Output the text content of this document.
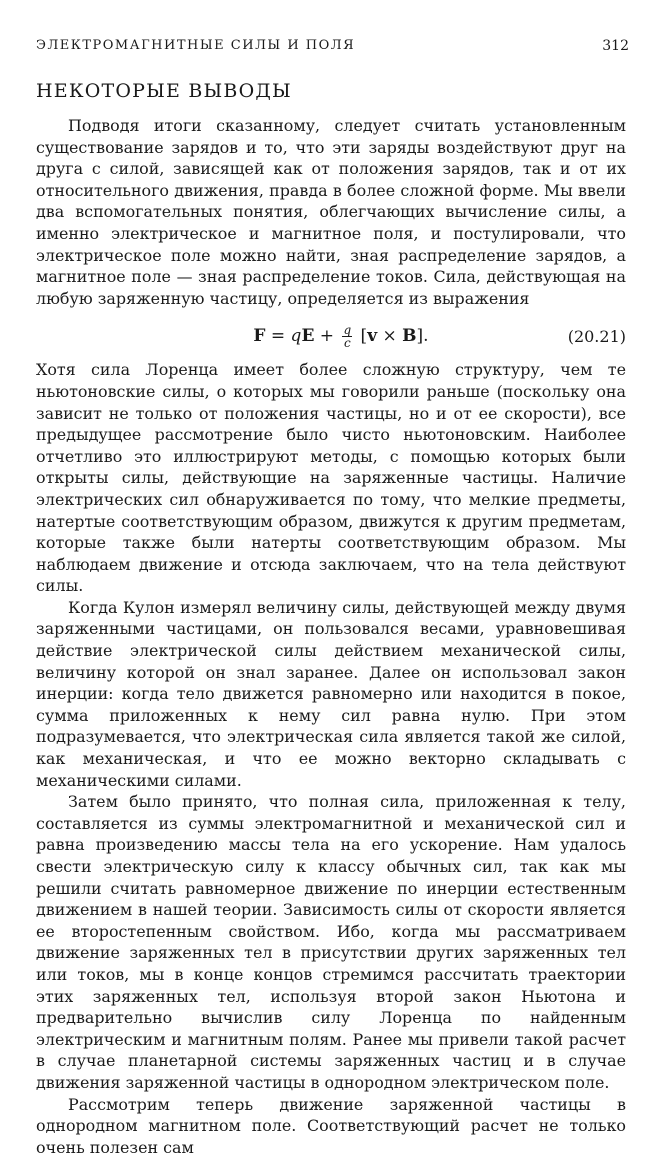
ЭЛЕКТРОМАГНИТНЫЕ СИЛЫ И ПОЛЯ	312
НЕКОТОРЫЕ ВЫВОДЫ

Подводя итоги сказанному, следует считать установленным существование зарядов и то, что эти заряды воздействуют друг на друга с силой, зависящей как от положения зарядов, так и от их относительного движения, правда в более сложной форме. Мы ввели два вспомогательных понятия, облегчающих вычисление силы, а именно электрическое и магнитное поля, и постулировали, что электрическое поле можно найти, зная распределение зарядов, а магнитное поле — зная распределение токов. Сила, действующая на любую заряженную частицу, определяется из выражения

F = qE + $\frac{q}{c} [v \times B]$.	(20.21)

Хотя сила Лоренца имеет более сложную структуру, чем те ньютоновские силы, о которых мы говорили раньше (поскольку она зависит не только от положения частицы, но и от ее скорости), все предыдущее рассмотрение было чисто ньютоновским. Наиболее отчетливо это иллюстрируют методы, с помощью которых были открыты силы, действующие на заряженные частицы. Наличие электрических сил обнаруживается по тому, что мелкие предметы, натертые соответствующим образом, движутся к другим предметам, которые также были натерты соответствующим образом. Мы наблюдаем движение и отсюда заключаем, что на тела действуют силы.

Когда Кулон измерял величину силы, действующей между двумя заряженными частицами, он пользовался весами, уравновешивая действие электрической силы действием механической силы, величину которой он знал заранее. Далее он использовал закон инерции: когда тело движется равномерно или находится в покое, сумма приложенных к нему сил равна нулю. При этом подразумевается, что электрическая сила является такой же силой, как механическая, и что ее можно векторно складывать с механическими силами.

Затем было принято, что полная сила, приложенная к телу, составляется из суммы электромагнитной и механической сил и равна произведению массы тела на его ускорение. Нам удалось свести электрическую силу к классу обычных сил, так как мы решили считать равномерное движение по инерции естественным движением в нашей теории. Зависимость силы от скорости является ее второстепенным свойством. Ибо, когда мы рассматриваем движение заряженных тел в присутствии других заряженных тел или токов, мы в конце концов стремимся рассчитать траектории этих заряженных тел, используя второй закон Ньютона и предварительно вычислив силу Лоренца по найденным электрическим и магнитным полям. Ранее мы привели такой расчет в случае планетарной системы заряженных частиц и в случае движения заряженной частицы в однородном электрическом поле.

Рассмотрим теперь движение заряженной частицы в однородном магнитном поле. Соответствующий расчет не только очень полезен сам
